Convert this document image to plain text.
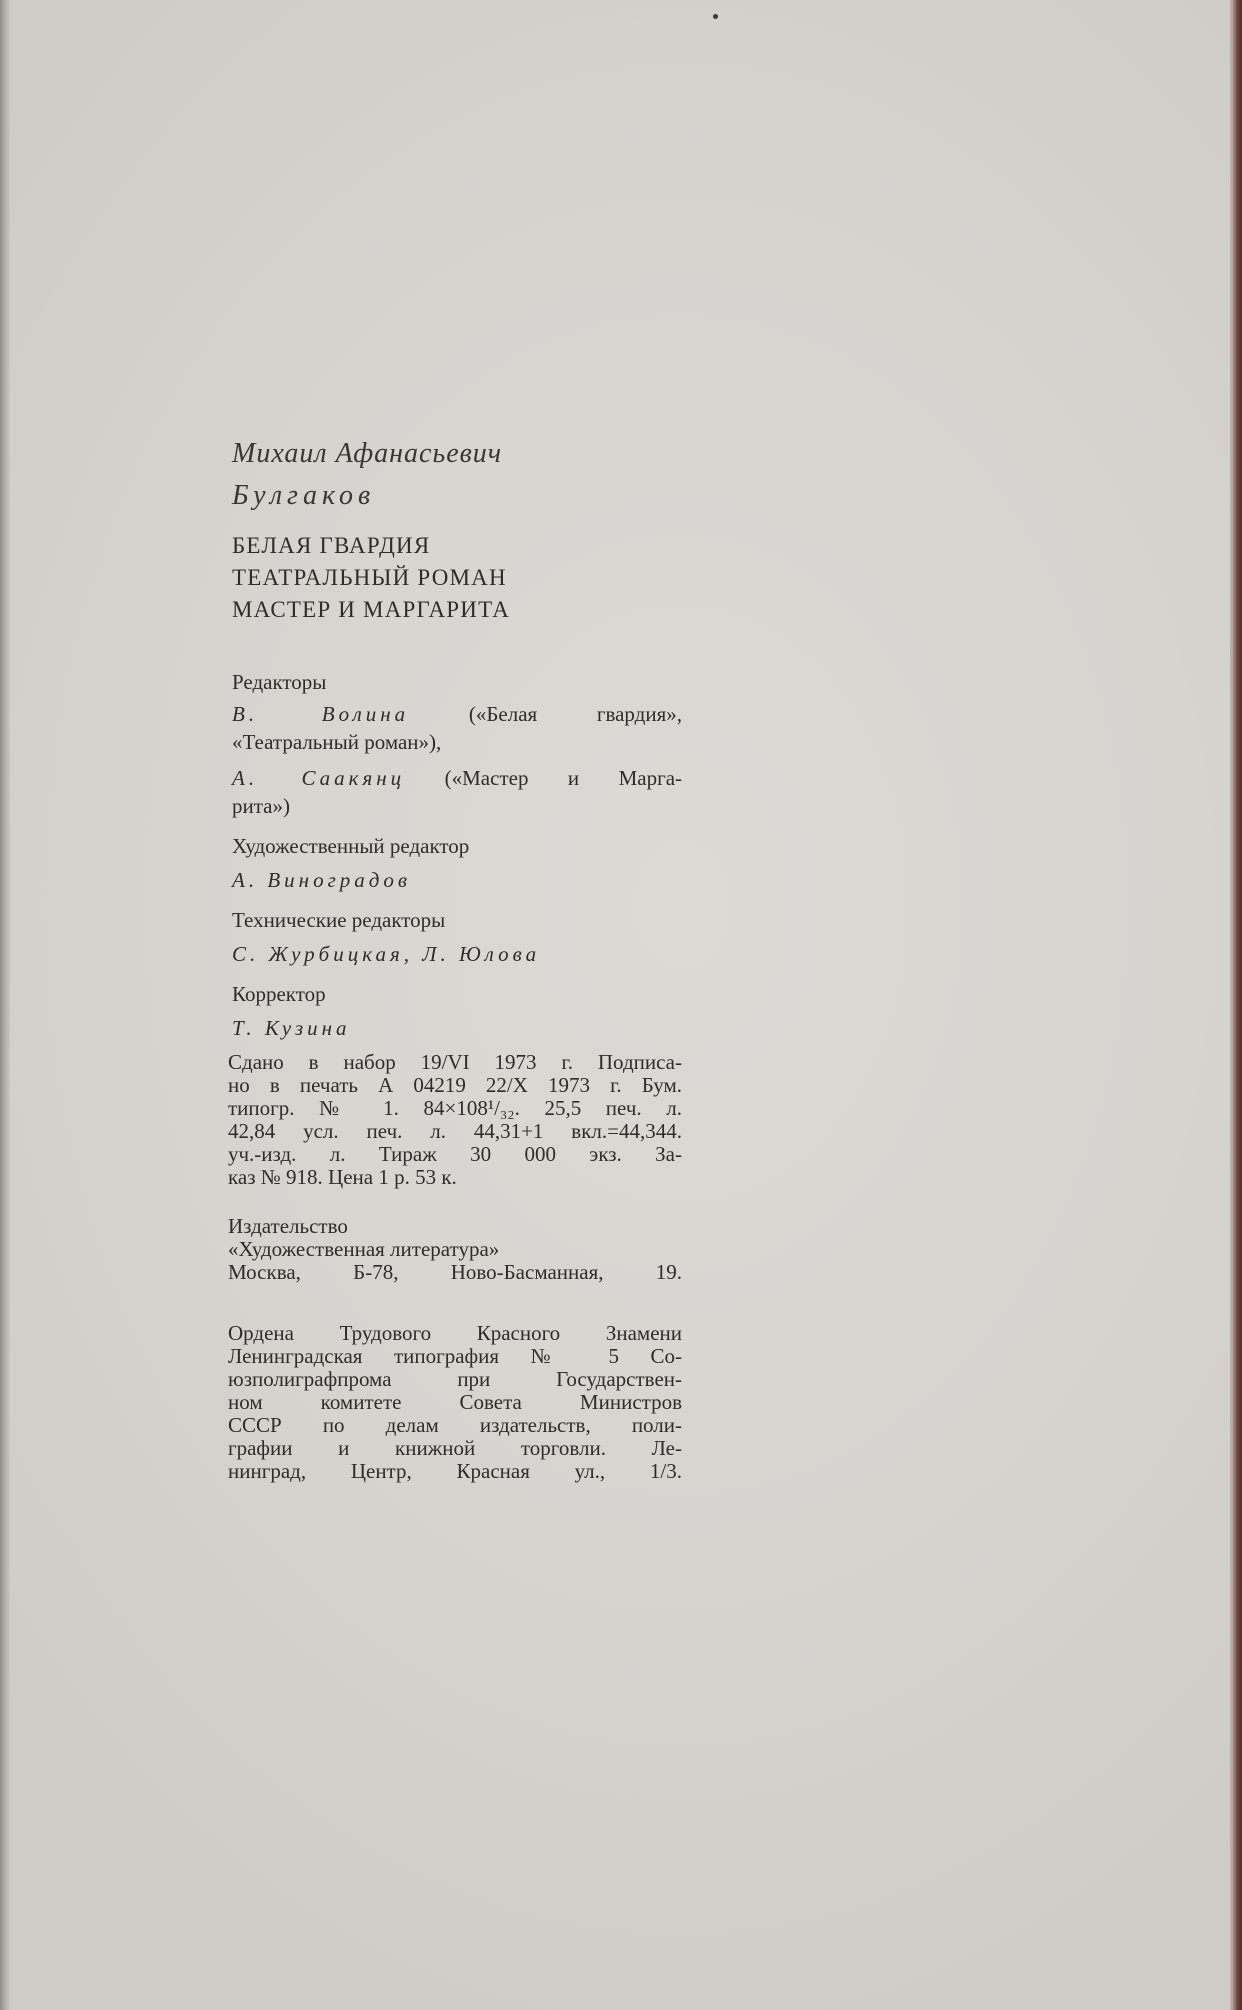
Михаил Афанасьевич
Булгаков
БЕЛАЯ ГВАРДИЯ
ТЕАТРАЛЬНЫЙ РОМАН
МАСТЕР И МАРГАРИТА
Редакторы
В. Волина	(«Белая гвардия»,
«Театральный роман»),
А. Саакянц («Мастер и Марга-
рита»)
Художественный редактор
А. Виноградов
Технические редакторы
С. Журбицкая, Л. Юлова
Корректор
Т. Кузина
Сдано в набор 19/VI 1973 г. Подписа-
но в печать А 04219 22/X 1973 г. Бум.
типогр. № 1. 84×108¹/₃₂. 25,5 печ. л.
42,84 усл. печ. л. 44,31+1 вкл.=44,344.
уч.-изд. л. Тираж 30 000 экз. За-
каз № 918. Цена 1 р. 53 к.
Издательство
«Художественная литература»
Москва, Б-78, Ново-Басманная, 19.
Ордена Трудового Красного Знамени
Ленинградская типография № 5 Со-
юзполиграфпрома при Государствен-
ном комитете Совета Министров
СССР по делам издательств, поли-
графии и книжной торговли. Ле-
нинград, Центр, Красная ул., 1/3.
